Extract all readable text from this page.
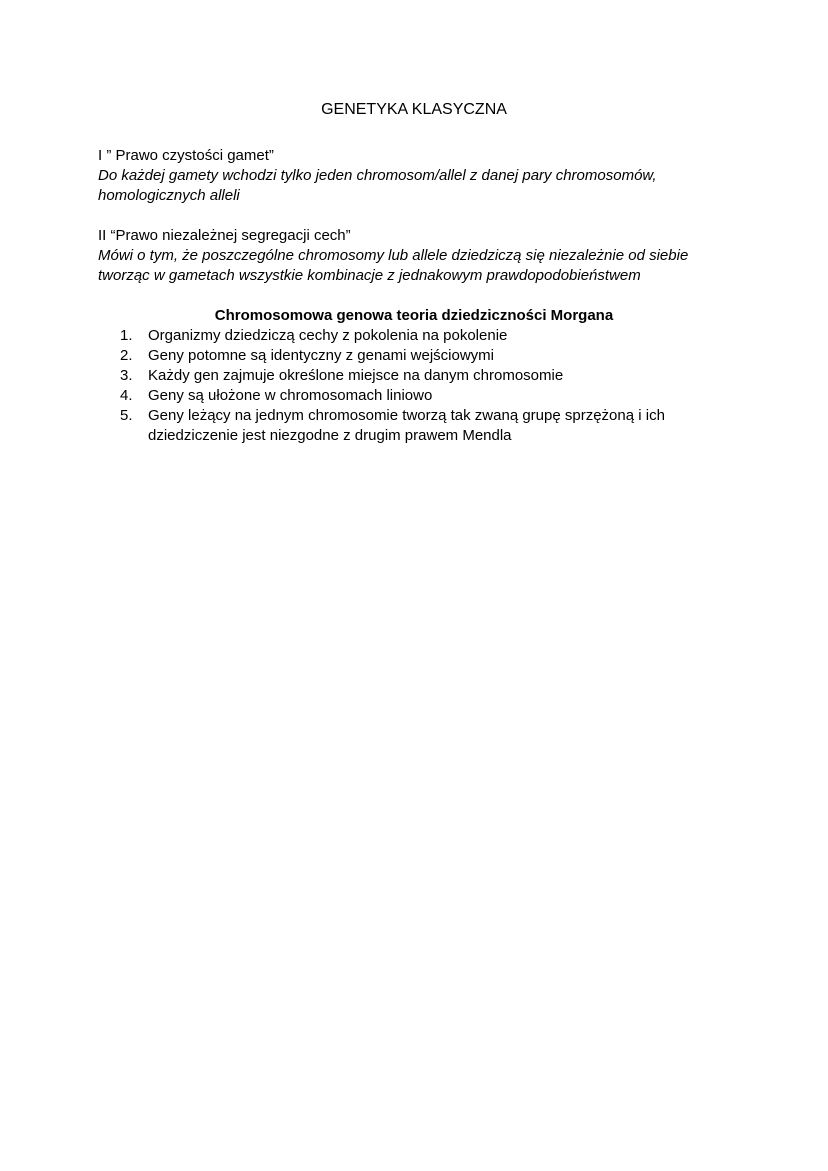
GENETYKA KLASYCZNA

I ” Prawo czystości gamet”

Do każdej gamety wchodzi tylko jeden chromosom/allel z danej pary chromosomów, homologicznych alleli

II “Prawo niezależnej segregacji cech”

Mówi o tym, że poszczególne chromosomy lub allele dziedziczą się niezależnie od siebie tworząc w gametach wszystkie kombinacje z jednakowym prawdopodobieństwem

Chromosomowa genowa teoria dziedziczności Morgana
1. Organizmy dziedziczą cechy z pokolenia na pokolenie
2. Geny potomne są identyczny z genami wejściowymi
3. Każdy gen zajmuje określone miejsce na danym chromosomie
4. Geny są ułożone w chromosomach liniowo
5. Geny leżący na jednym chromosomie tworzą tak zwaną grupę sprzężoną i ich dziedziczenie jest niezgodne z drugim prawem Mendla
